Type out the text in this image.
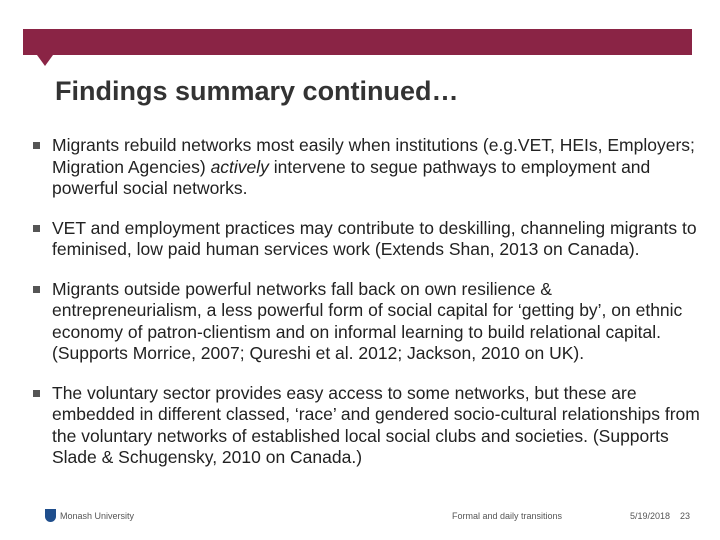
Findings summary continued…
Migrants rebuild networks most easily when institutions (e.g.VET, HEIs, Employers; Migration Agencies) actively intervene to segue pathways to employment and powerful social networks.
VET and employment practices may contribute to deskilling, channeling migrants to feminised, low paid human services work (Extends Shan, 2013 on Canada).
Migrants outside powerful networks fall back on own resilience & entrepreneurialism, a less powerful form of social capital for ‘getting by’, on ethnic economy of patron-clientism and on informal learning to build relational capital. (Supports Morrice, 2007; Qureshi et al. 2012; Jackson, 2010 on UK).
The voluntary sector provides easy access to some networks, but these are embedded in different classed, ‘race’ and gendered socio-cultural relationships from the voluntary networks of established local social clubs and societies. (Supports Slade & Schugensky, 2010 on Canada.)
Monash University	Formal and daily transitions	5/19/2018 23
